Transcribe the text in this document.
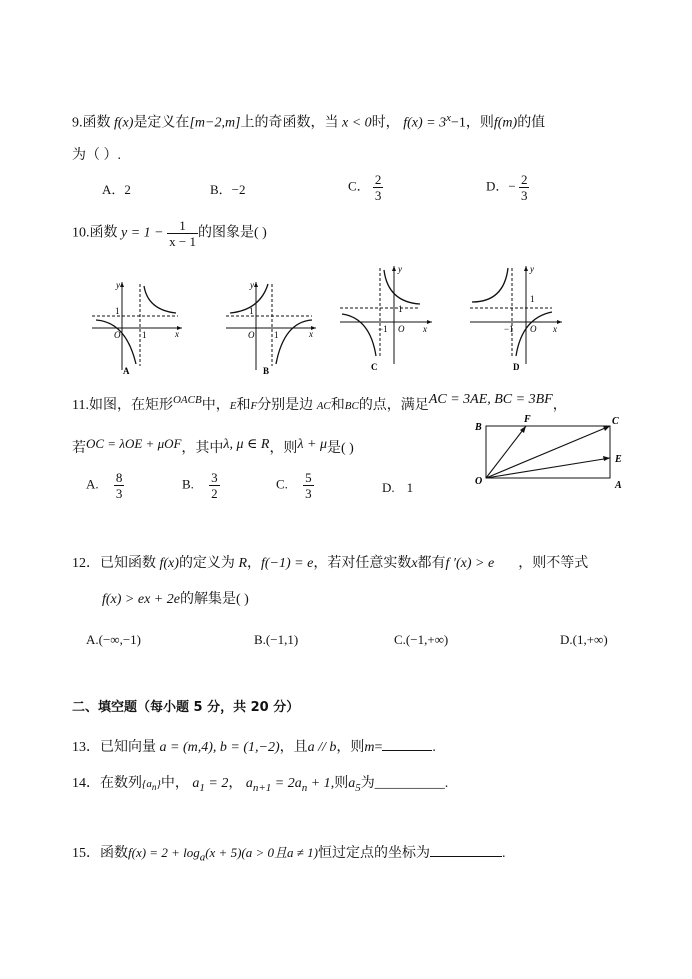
9.函数 f(x)是定义在[m−2,m]上的奇函数，当 x < 0时， $f(x) = 3^x-1$，则f(m)的值
为（ ）.
A．2	B．−2	C． $\frac{2}{3}$	D．− $\frac{2}{3}$
10.函数 $y = 1 - \frac{1}{x - 1}$ 的图象是( )
y
x
O 1
1
A
y
x
O 1
1
B
y
x
O
−1
1
C
y
x
O
−1
1
D
11.如图，在矩形$^{OACB}$中，E和F分别是边 AC和BC的点，满足AC = 3AE, BC = 3BF，
若OC = λOE + μOF，其中λ, μ ∈ R，则λ + μ是( )
A. $\frac{8}{3}$	B. $\frac{3}{2}$	C. $\frac{5}{3}$	D. 1
B
F	C
E
O	A
12．已知函数 f(x)的定义为 R，f(−1) = e，若对任意实数x都有f ′(x) > e ，则不等式
f(x) > ex + 2e的解集是( )
A.(−∞,−1)	B.(−1,1)	C.(−1,+∞)	D.(1,+∞)
二、填空题（每小题 5 分，共 20 分）
13．已知向量 a = (m,4), b = (1,−2)，且a // b，则m=	.
14．在数列$\{a_n\}$中， $a_1 = 2$， $a_{n+1} = 2a_n + 1$,则$a_5$为__________.
15．函数$f(x) = 2 + \log_a(x + 5)(a > 0$且a ≠ 1)恒过定点的坐标为	.
